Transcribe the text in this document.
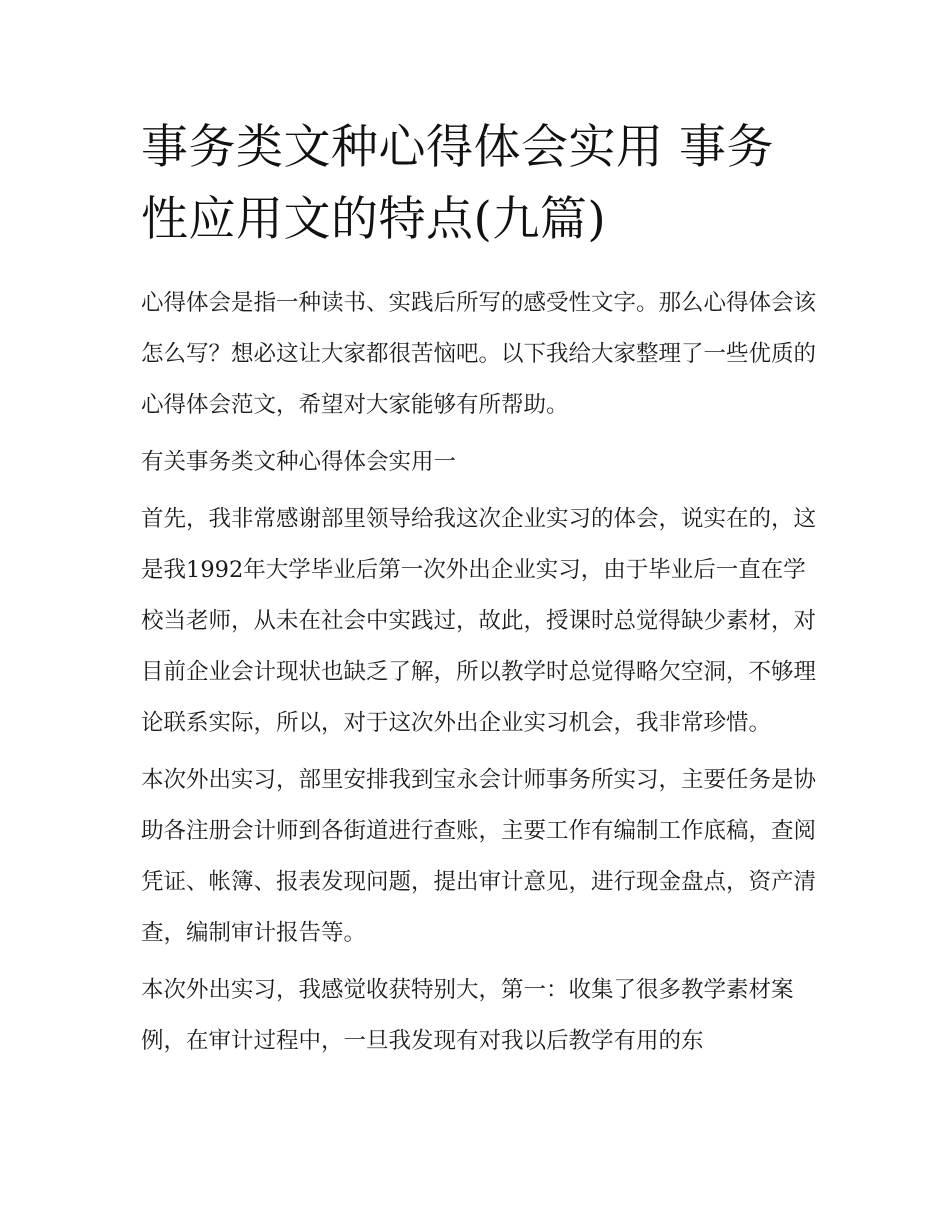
事务类文种心得体会实用 事务性应用文的特点(九篇)

心得体会是指一种读书、实践后所写的感受性文字。那么心得体会该怎么写？想必这让大家都很苦恼吧。以下我给大家整理了一些优质的心得体会范文，希望对大家能够有所帮助。

有关事务类文种心得体会实用一

首先，我非常感谢部里领导给我这次企业实习的体会，说实在的，这是我1992年大学毕业后第一次外出企业实习，由于毕业后一直在学校当老师，从未在社会中实践过，故此，授课时总觉得缺少素材，对目前企业会计现状也缺乏了解，所以教学时总觉得略欠空洞，不够理论联系实际，所以，对于这次外出企业实习机会，我非常珍惜。

本次外出实习，部里安排我到宝永会计师事务所实习，主要任务是协助各注册会计师到各街道进行查账，主要工作有编制工作底稿，查阅凭证、帐簿、报表发现问题，提出审计意见，进行现金盘点，资产清查，编制审计报告等。

本次外出实习，我感觉收获特别大，第一：收集了很多教学素材案例，在审计过程中，一旦我发现有对我以后教学有用的东
